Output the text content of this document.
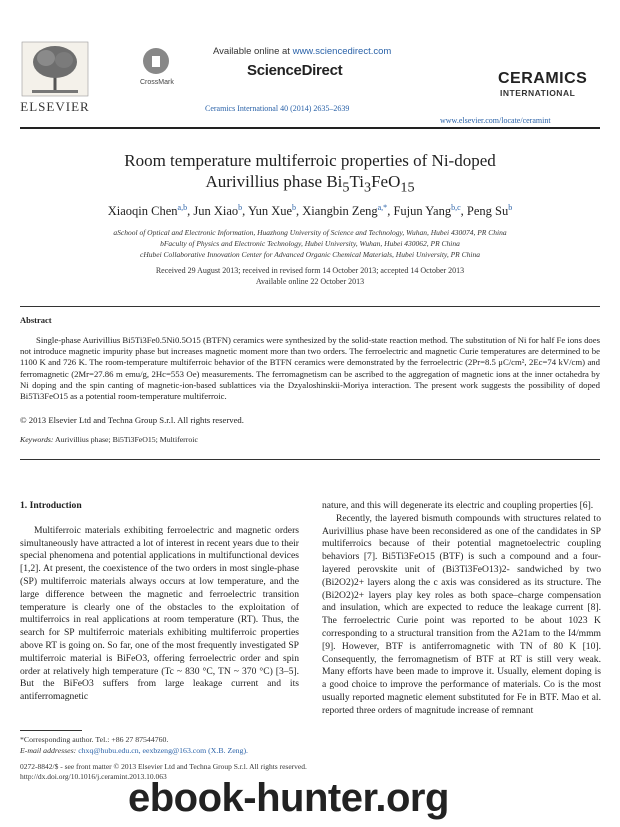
ELSEVIER
CrossMark
Available online at www.sciencedirect.com
ScienceDirect
Ceramics International 40 (2014) 2635–2639
CERAMICS
INTERNATIONAL
www.elsevier.com/locate/ceramint
Room temperature multiferroic properties of Ni-doped
Aurivillius phase $Bi_5Ti_3FeO_{15}$
Xiaoqin Chen$^{a,b}$, Jun Xiao$^b$, Yun Xue$^b$, Xiangbin Zeng$^{a,*}$, Fujun Yang$^{b,c}$, Peng Su$^b$
aSchool of Optical and Electronic Information, Huazhong University of Science and Technology, Wuhan, Hubei 430074, PR China
bFaculty of Physics and Electronic Technology, Hubei University, Wuhan, Hubei 430062, PR China
cHubei Collaborative Innovation Center for Advanced Organic Chemical Materials, Hubei University, PR China
Received 29 August 2013; received in revised form 14 October 2013; accepted 14 October 2013
Available online 22 October 2013
Abstract
Single-phase Aurivillius Bi5Ti3Fe0.5Ni0.5O15 (BTFN) ceramics were synthesized by the solid-state reaction method. The substitution of Ni for half Fe ions does not introduce magnetic impurity phase but increases magnetic moment more than two orders. The ferroelectric and magnetic Curie temperatures are determined to be 1100 K and 726 K. The room-temperature multiferroic behavior of the BTFN ceramics were demonstrated by the ferroelectric (2Pr=8.5 μC/cm², 2Ec=74 kV/cm) and ferromagnetic (2Mr=27.86 m emu/g, 2Hc=553 Oe) measurements. The ferromagnetism can be ascribed to the aggregation of magnetic ions at the inner octahedra by Ni doping and the spin canting of magnetic-ion-based sublattices via the Dzyaloshinskii-Moriya interaction. The present work suggests the possibility of doped Bi5Ti3FeO15 as a potential room-temperature multiferroic.
© 2013 Elsevier Ltd and Techna Group S.r.l. All rights reserved.
Keywords: Aurivillius phase; Bi5Ti3FeO15; Multiferroic
1. Introduction
Multiferroic materials exhibiting ferroelectric and magnetic orders simultaneously have attracted a lot of interest in recent years due to their special phenomena and potential applications in multifunctional devices [1,2]. At present, the coexistence of the two orders in most single-phase (SP) multiferroic materials always occurs at low temperature, and the large difference between the magnetic and ferroelectric transition temperature is clearly one of the obstacles to the exploitation of multiferroics in real applications at room temperature (RT). Thus, the search for SP multiferroic materials exhibiting multiferroic properties above RT is going on. So far, one of the most frequently investigated SP multiferroic material is BiFeO3, offering ferroelectric order and spin order at relatively high temperature (Tc ~ 830 °C, TN ~ 370 °C) [3–5]. But the BiFeO3 suffers from large leakage current and its antiferromagnetic
nature, and this will degenerate its electric and coupling properties [6].
Recently, the layered bismuth compounds with structures related to Aurivillius phase have been reconsidered as one of the candidates in SP multiferroics because of their potential magnetoelectric coupling behaviors [7]. Bi5Ti3FeO15 (BTF) is such a compound and a four-layered perovskite unit of (Bi3Ti3FeO13)2- sandwiched by two (Bi2O2)2+ layers along the c axis was considered as its structure. The (Bi2O2)2+ layers play key roles as both space–charge compensation and insulation, which are expected to reduce the leakage current [8]. The ferroelectric Curie point was reported to be about 1023 K corresponding to a structural transition from the A21am to the I4/mmm [9]. However, BTF is antiferromagnetic with TN of 80 K [10]. Consequently, the ferromagnetism of BTF at RT is still very weak. Many efforts have been made to improve it. Usually, element doping is a good choice to improve the performance of materials. Co is the most usually reported magnetic element substituted for Fe in BTF. Mao et al. reported three orders of magnitude increase of remnant
*Corresponding author. Tel.: +86 27 87544760.
E-mail addresses: chxq@hubu.edu.cn, eexbzeng@163.com (X.B. Zeng).
0272-8842/$ - see front matter © 2013 Elsevier Ltd and Techna Group S.r.l. All rights reserved.
http://dx.doi.org/10.1016/j.ceramint.2013.10.063
ebook-hunter.org
